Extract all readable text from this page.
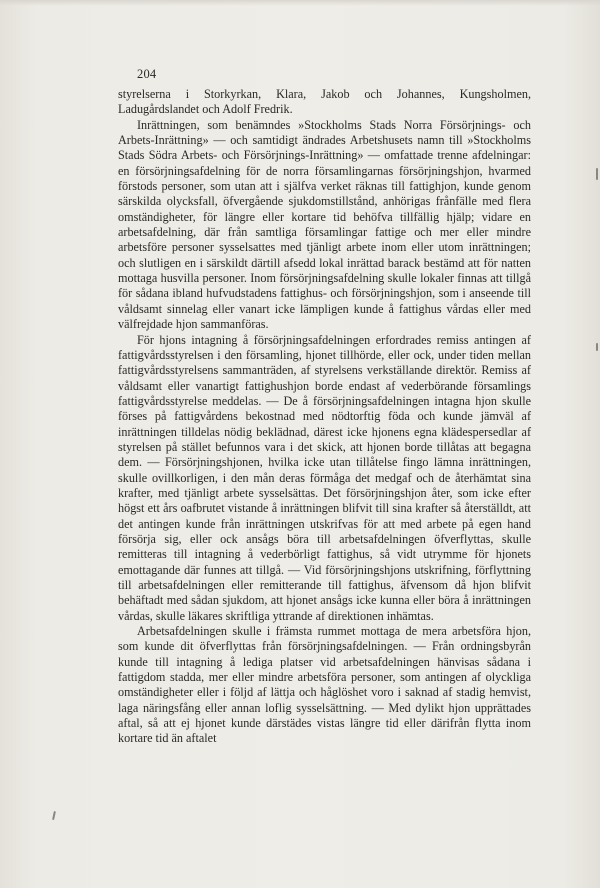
204

styrelserna i Storkyrkan, Klara, Jakob och Johannes, Kungsholmen, Ladugårdslandet och Adolf Fredrik.

Inrättningen, som benämndes »Stockholms Stads Norra Försörjnings- och Arbets-Inrättning» — och samtidigt ändrades Arbetshusets namn till »Stockholms Stads Södra Arbets- och Försörjnings-Inrättning» — omfattade trenne afdelningar: en försörjningsafdelning för de norra församlingarnas försörjningshjon, hvarmed förstods personer, som utan att i själfva verket räknas till fattighjon, kunde genom särskilda olycksfall, öfvergående sjukdomstillstånd, anhörigas frånfälle med flera omständigheter, för längre eller kortare tid behöfva tillfällig hjälp; vidare en arbetsafdelning, där från samtliga församlingar fattige och mer eller mindre arbetsföre personer sysselsattes med tjänligt arbete inom eller utom inrättningen; och slutligen en i särskildt därtill afsedd lokal inrättad barack bestämd att för natten mottaga husvilla personer. Inom försörjningsafdelning skulle lokaler finnas att tillgå för sådana ibland hufvudstadens fattighus- och försörjningshjon, som i anseende till våldsamt sinnelag eller vanart icke lämpligen kunde å fattighus vårdas eller med välfrejdade hjon sammanföras.

För hjons intagning å försörjningsafdelningen erfordrades remiss antingen af fattigvårdsstyrelsen i den församling, hjonet tillhörde, eller ock, under tiden mellan fattigvårdsstyrelsens sammanträden, af styrelsens verkställande direktör. Remiss af våldsamt eller vanartigt fattighushjon borde endast af vederbörande församlings fattigvårdsstyrelse meddelas. — De å försörjningsafdelningen intagna hjon skulle förses på fattigvårdens bekostnad med nödtorftig föda och kunde jämväl af inrättningen tilldelas nödig beklädnad, därest icke hjonens egna klädespersedlar af styrelsen på stället befunnos vara i det skick, att hjonen borde tillåtas att begagna dem. — Försörjningshjonen, hvilka icke utan tillåtelse fingo lämna inrättningen, skulle ovillkorligen, i den mån deras förmåga det medgaf och de återhämtat sina krafter, med tjänligt arbete sysselsättas. Det försörjningshjon åter, som icke efter högst ett års oafbrutet vistande å inrättningen blifvit till sina krafter så återställdt, att det antingen kunde från inrättningen utskrifvas för att med arbete på egen hand försörja sig, eller ock ansågs böra till arbetsafdelningen öfverflyttas, skulle remitteras till intagning å vederbörligt fattighus, så vidt utrymme för hjonets emottagande där funnes att tillgå. — Vid försörjningshjons utskrifning, förflyttning till arbetsafdelningen eller remitterande till fattighus, äfvensom då hjon blifvit behäftadt med sådan sjukdom, att hjonet ansågs icke kunna eller böra å inrättningen vårdas, skulle läkares skriftliga yttrande af direktionen inhämtas.

Arbetsafdelningen skulle i främsta rummet mottaga de mera arbetsföra hjon, som kunde dit öfverflyttas från försörjningsafdelningen. — Från ordningsbyrån kunde till intagning å lediga platser vid arbetsafdelningen hänvisas sådana i fattigdom stadda, mer eller mindre arbetsföra personer, som antingen af olyckliga omständigheter eller i följd af lättja och håglöshet voro i saknad af stadig hemvist, laga näringsfång eller annan loflig sysselsättning. — Med dylikt hjon upprättades aftal, så att ej hjonet kunde därstädes vistas längre tid eller därifrån flytta inom kortare tid än aftalet
